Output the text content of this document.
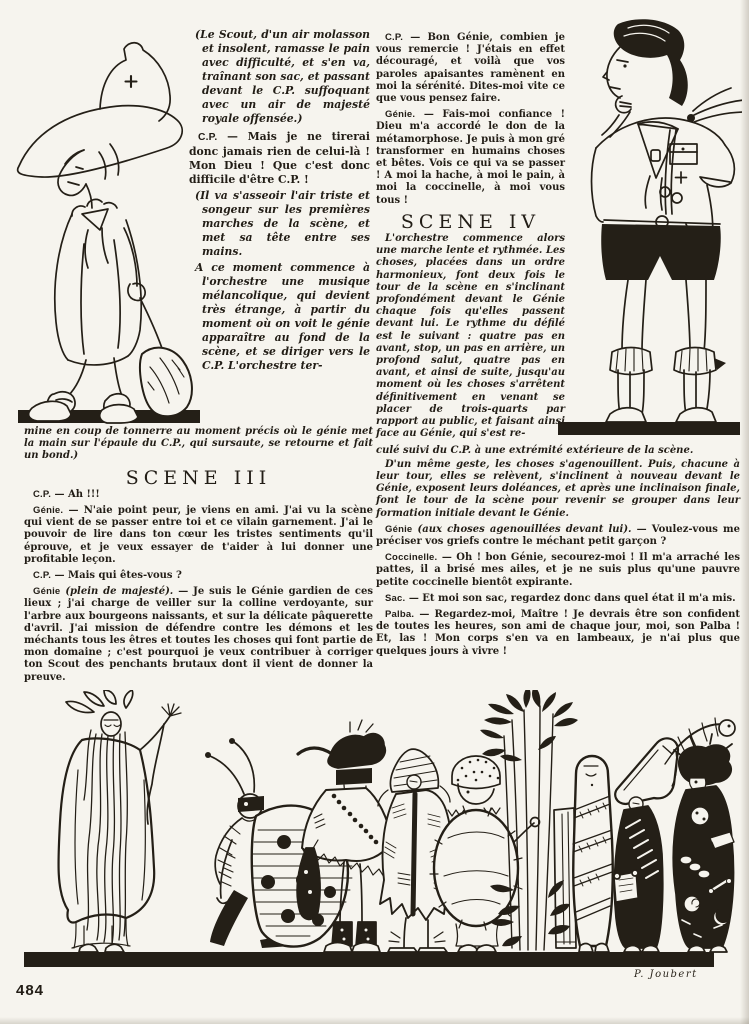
(Le Scout, d'un air molasson et insolent, ramasse le pain avec difficulté, et s'en va, traînant son sac, et passant devant le C.P. suffoquant avec un air de majesté royale offensée.)

C.P. — Mais je ne tirerai donc jamais rien de celui-là ! Mon Dieu ! Que c'est donc difficile d'être C.P. !

(Il va s'asseoir l'air triste et songeur sur les premières marches de la scène, et met sa tête entre ses mains.

A ce moment commence à l'orchestre une musique mélancolique, qui devient très étrange, à partir du moment où on voit le génie apparaître au fond de la scène, et se diriger vers le C.P. L'orchestre ter-

C.P. — Bon Génie, combien je vous remercie ! J'étais en effet découragé, et voilà que vos paroles apaisantes ramènent en moi la sérénité. Dites-moi vite ce que vous pensez faire.

Génie. — Fais-moi confiance ! Dieu m'a accordé le don de la métamorphose. Je puis à mon gré transformer en humains choses et bêtes. Vois ce qui va se passer ! A moi la hache, à moi le pain, à moi la coccinelle, à moi vous tous !

SCENE IV

L'orchestre commence alors une marche lente et rythmée. Les choses, placées dans un ordre harmonieux, font deux fois le tour de la scène en s'inclinant profondément devant le Génie chaque fois qu'elles passent devant lui. Le rythme du défilé est le suivant : quatre pas en avant, stop, un pas en arrière, un profond salut, quatre pas en avant, et ainsi de suite, jusqu'au moment où les choses s'arrêtent définitivement en venant se placer de trois-quarts par rapport au public, et faisant ainsi face au Génie, qui s'est re-

culé suivi du C.P. à une extrémité extérieure de la scène.

D'un même geste, les choses s'agenouillent. Puis, chacune à leur tour, elles se relèvent, s'inclinent à nouveau devant le Génie, exposent leurs doléances, et après une inclinaison finale, font le tour de la scène pour revenir se grouper dans leur formation initiale devant le Génie.

Génie (aux choses agenouillées devant lui). — Voulez-vous me préciser vos griefs contre le méchant petit garçon ?

Coccinelle. — Oh ! bon Génie, secourez-moi ! Il m'a arraché les pattes, il a brisé mes ailes, et je ne suis plus qu'une pauvre petite coccinelle bientôt expirante.

Sac. — Et moi son sac, regardez donc dans quel état il m'a mis.

Palba. — Regardez-moi, Maître ! Je devrais être son confident de toutes les heures, son ami de chaque jour, moi, son Palba ! Et, las ! Mon corps s'en va en lambeaux, je n'ai plus que quelques jours à vivre !

mine en coup de tonnerre au moment précis où le génie met la main sur l'épaule du C.P., qui sursaute, se retourne et fait un bond.)

SCENE III

C.P. — Ah !!!

Génie. — N'aie point peur, je viens en ami. J'ai vu la scène qui vient de se passer entre toi et ce vilain garnement. J'ai le pouvoir de lire dans ton cœur les tristes sentiments qu'il éprouve, et je veux essayer de t'aider à lui donner une profitable leçon.

C.P. — Mais qui êtes-vous ?

Génie (plein de majesté). — Je suis le Génie gardien de ces lieux ; j'ai charge de veiller sur la colline verdoyante, sur l'arbre aux bourgeons naissants, et sur la délicate pâquerette d'avril. J'ai mission de défendre contre les démons et les méchants tous les êtres et toutes les choses qui font partie de mon domaine ; c'est pourquoi je veux contribuer à corriger ton Scout des penchants brutaux dont il vient de donner la preuve.

P. Joubert
484
